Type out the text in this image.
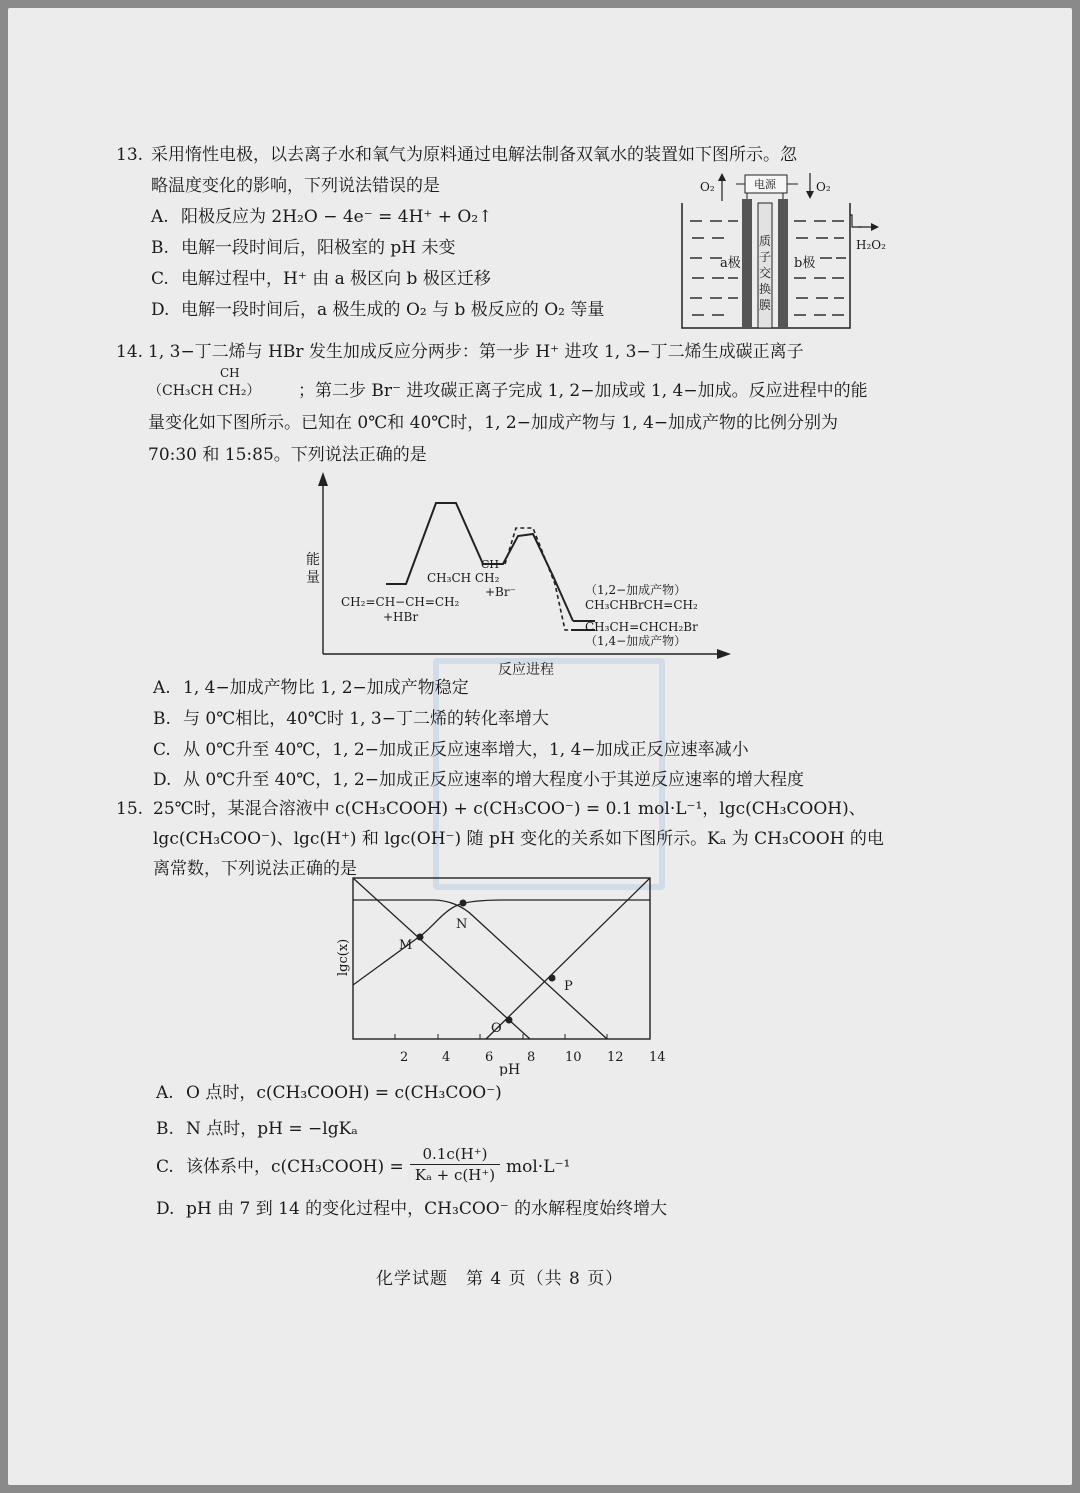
13. 采用惰性电极，以去离子水和氧气为原料通过电解法制备双氧水的装置如下图所示。忽
略温度变化的影响，下列说法错误的是
A. 阳极反应为 2H₂O − 4e⁻ = 4H⁺ + O₂↑
B. 电解一段时间后，阳极室的 pH 未变
C. 电解过程中，H⁺ 由 a 极区向 b 极区迁移
D. 电解一段时间后，a 极生成的 O₂ 与 b 极反应的 O₂ 等量
O₂	O₂
电源
H₂O₂
a极	b极
质
子
交
换
膜
14. 1, 3−丁二烯与 HBr 发生加成反应分两步：第一步 H⁺ 进攻 1, 3−丁二烯生成碳正离子
CH
（CH₃CH CH₂） ；第二步 Br⁻ 进攻碳正离子完成 1, 2−加成或 1, 4−加成。反应进程中的能
量变化如下图所示。已知在 0℃和 40℃时，1, 2−加成产物与 1, 4−加成产物的比例分别为
70:30 和 15:85。下列说法正确的是
能
量
CH₂=CH−CH=CH₂
+HBr
CH
CH₃CH CH₂
+Br⁻	（1,2−加成产物）
CH₃CHBrCH=CH₂
CH₃CH=CHCH₂Br
（1,4−加成产物）
反应进程
A. 1, 4−加成产物比 1, 2−加成产物稳定
B. 与 0℃相比，40℃时 1, 3−丁二烯的转化率增大
C. 从 0℃升至 40℃，1, 2−加成正反应速率增大，1, 4−加成正反应速率减小
D. 从 0℃升至 40℃，1, 2−加成正反应速率的增大程度小于其逆反应速率的增大程度
15. 25℃时，某混合溶液中 c(CH₃COOH) + c(CH₃COO⁻) = 0.1 mol·L⁻¹，lgc(CH₃COOH)、
lgc(CH₃COO⁻)、lgc(H⁺) 和 lgc(OH⁻) 随 pH 变化的关系如下图所示。Kₐ 为 CH₃COOH 的电
离常数，下列说法正确的是
M
N
P
O
2	4	6	8 10 12 14
pH
lgc(x)
A. O 点时，c(CH₃COOH) = c(CH₃COO⁻)
B. N 点时，pH = −lgKₐ
C. 该体系中，c(CH₃COOH) =
0.1c(H⁺)
Kₐ + c(H⁺) mol·L⁻¹
D. pH 由 7 到 14 的变化过程中，CH₃COO⁻ 的水解程度始终增大
化学试题　第 4 页（共 8 页）
